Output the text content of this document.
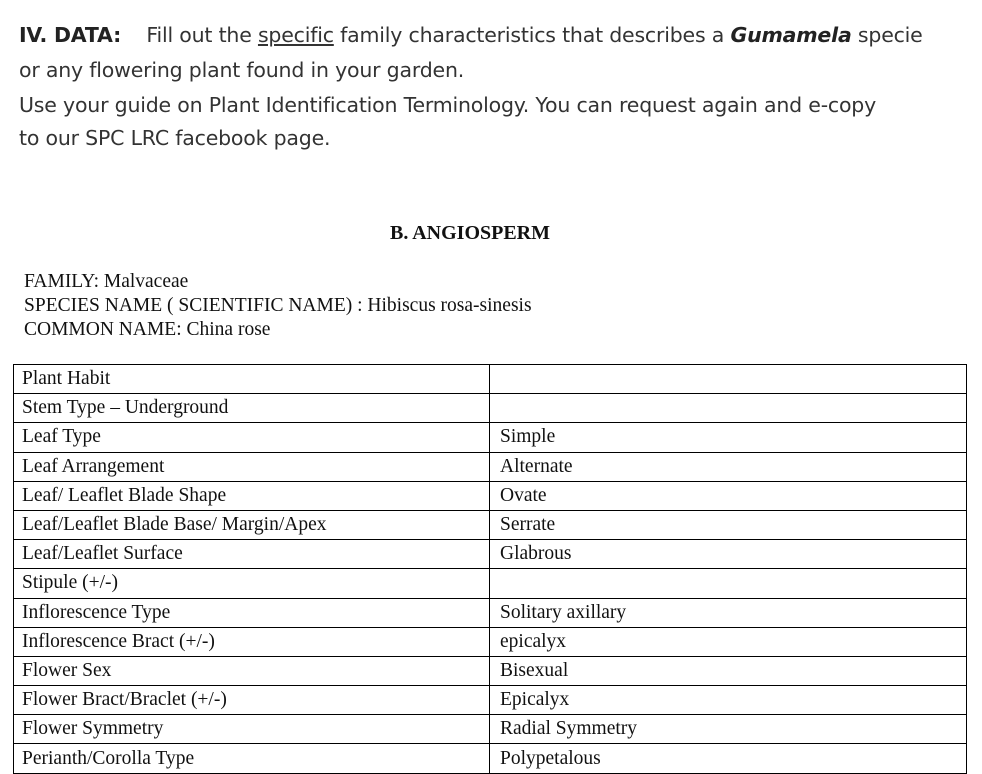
IV. DATA: Fill out the specific family characteristics that describes a Gumamela specie
or any flowering plant found in your garden.
Use your guide on Plant Identification Terminology. You can request again and e-copy
to our SPC LRC facebook page.
B. ANGIOSPERM
FAMILY: Malvaceae
SPECIES NAME ( SCIENTIFIC NAME) : Hibiscus rosa-sinesis
COMMON NAME: China rose
Plant Habit	
Stem Type – Underground	
Leaf Type	Simple
Leaf Arrangement	Alternate
Leaf/ Leaflet Blade Shape	Ovate
Leaf/Leaflet Blade Base/ Margin/Apex	Serrate
Leaf/Leaflet Surface	Glabrous
Stipule (+/-)	
Inflorescence Type	Solitary axillary
Inflorescence Bract (+/-)	epicalyx
Flower Sex	Bisexual
Flower Bract/Braclet (+/-)	Epicalyx
Flower Symmetry	Radial Symmetry
Perianth/Corolla Type	Polypetalous
